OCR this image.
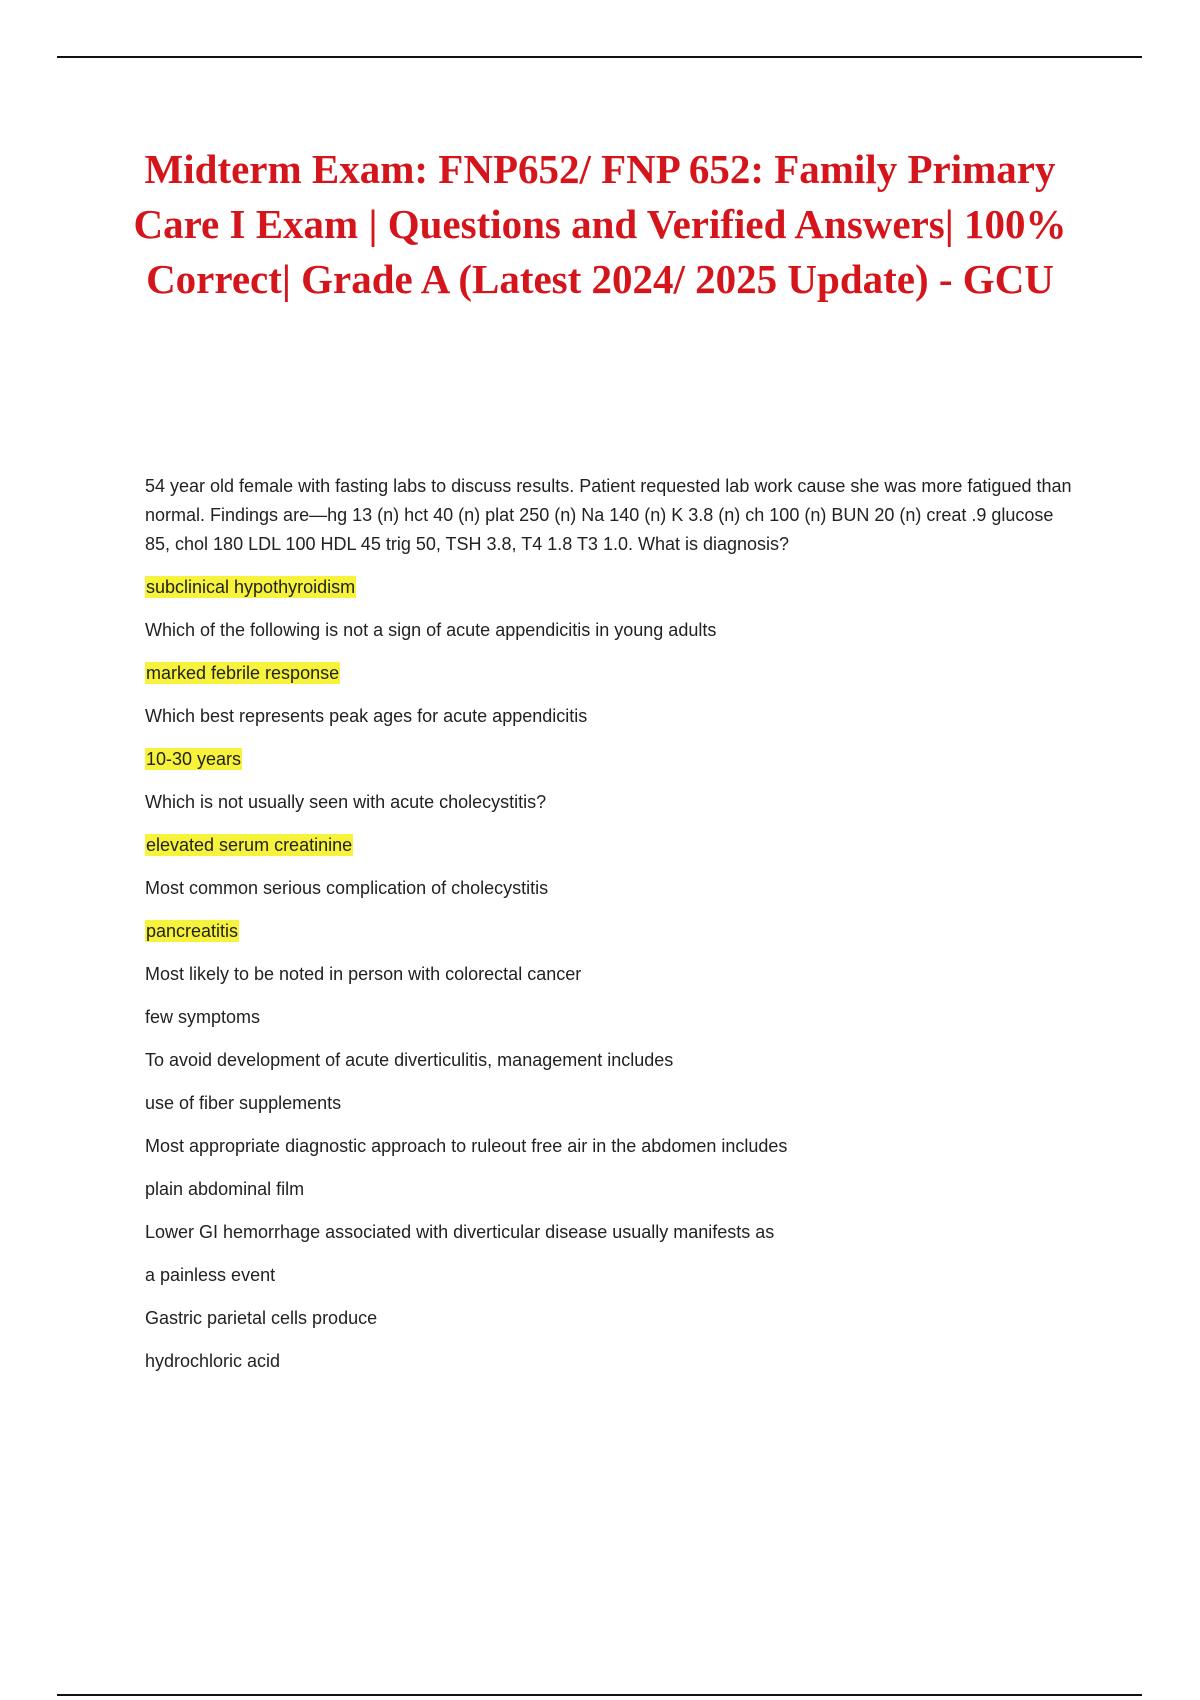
Midterm Exam: FNP652/ FNP 652: Family Primary Care I Exam | Questions and Verified Answers| 100% Correct| Grade A (Latest 2024/ 2025 Update) - GCU

54 year old female with fasting labs to discuss results. Patient requested lab work cause she was more fatigued than normal. Findings are—hg 13 (n) hct 40 (n) plat 250 (n) Na 140 (n) K 3.8 (n) ch 100 (n) BUN 20 (n) creat .9 glucose 85, chol 180 LDL 100 HDL 45 trig 50, TSH 3.8, T4 1.8 T3 1.0. What is diagnosis?

subclinical hypothyroidism

Which of the following is not a sign of acute appendicitis in young adults

marked febrile response

Which best represents peak ages for acute appendicitis

10-30 years

Which is not usually seen with acute cholecystitis?

elevated serum creatinine

Most common serious complication of cholecystitis

pancreatitis

Most likely to be noted in person with colorectal cancer

few symptoms

To avoid development of acute diverticulitis, management includes

use of fiber supplements

Most appropriate diagnostic approach to ruleout free air in the abdomen includes

plain abdominal film

Lower GI hemorrhage associated with diverticular disease usually manifests as

a painless event

Gastric parietal cells produce

hydrochloric acid
